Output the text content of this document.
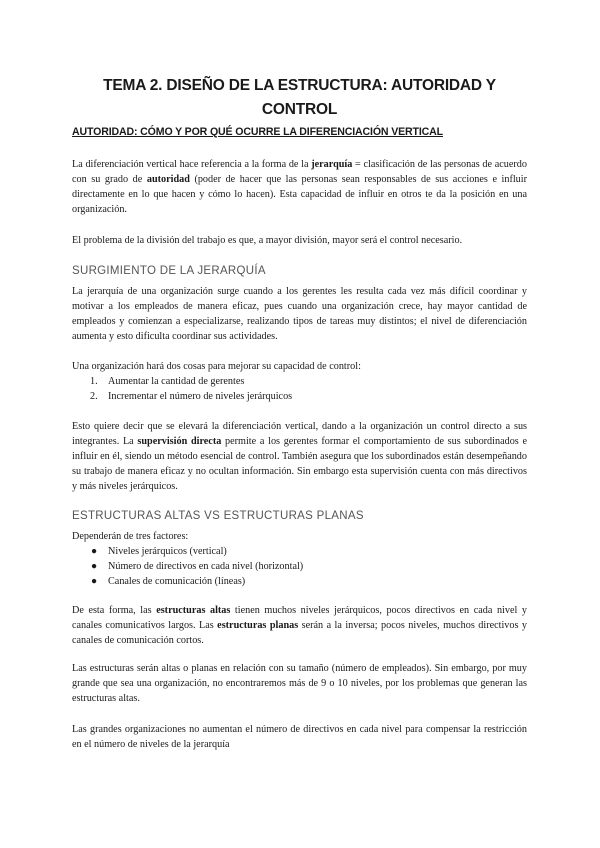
TEMA 2. DISEÑO DE LA ESTRUCTURA: AUTORIDAD Y CONTROL
AUTORIDAD: CÓMO Y POR QUÉ OCURRE LA DIFERENCIACIÓN VERTICAL

La diferenciación vertical hace referencia a la forma de la jerarquía = clasificación de las personas de acuerdo con su grado de autoridad (poder de hacer que las personas sean responsables de sus acciones e influir directamente en lo que hacen y cómo lo hacen). Esta capacidad de influir en otros te da la posición en una organización.

El problema de la división del trabajo es que, a mayor división, mayor será el control necesario.

SURGIMIENTO DE LA JERARQUÍA

La jerarquía de una organización surge cuando a los gerentes les resulta cada vez más difícil coordinar y motivar a los empleados de manera eficaz, pues cuando una organización crece, hay mayor cantidad de empleados y comienzan a especializarse, realizando tipos de tareas muy distintos; el nivel de diferenciación aumenta y esto dificulta coordinar sus actividades.

Una organización hará dos cosas para mejorar su capacidad de control:

1. Aumentar la cantidad de gerentes
2. Incrementar el número de niveles jerárquicos

Esto quiere decir que se elevará la diferenciación vertical, dando a la organización un control directo a sus integrantes. La supervisión directa permite a los gerentes formar el comportamiento de sus subordinados e influir en él, siendo un método esencial de control. También asegura que los subordinados están desempeñando su trabajo de manera eficaz y no ocultan información. Sin embargo esta supervisión cuenta con más directivos y más niveles jerárquicos.

ESTRUCTURAS ALTAS VS ESTRUCTURAS PLANAS

Dependerán de tres factores:

● Niveles jerárquicos (vertical)
● Número de directivos en cada nivel (horizontal)
● Canales de comunicación (líneas)

De esta forma, las estructuras altas tienen muchos niveles jerárquicos, pocos directivos en cada nivel y canales comunicativos largos. Las estructuras planas serán a la inversa; pocos niveles, muchos directivos y canales de comunicación cortos.

Las estructuras serán altas o planas en relación con su tamaño (número de empleados). Sin embargo, por muy grande que sea una organización, no encontraremos más de 9 o 10 niveles, por los problemas que generan las estructuras altas.

Las grandes organizaciones no aumentan el número de directivos en cada nivel para compensar la restricción en el número de niveles de la jerarquía
